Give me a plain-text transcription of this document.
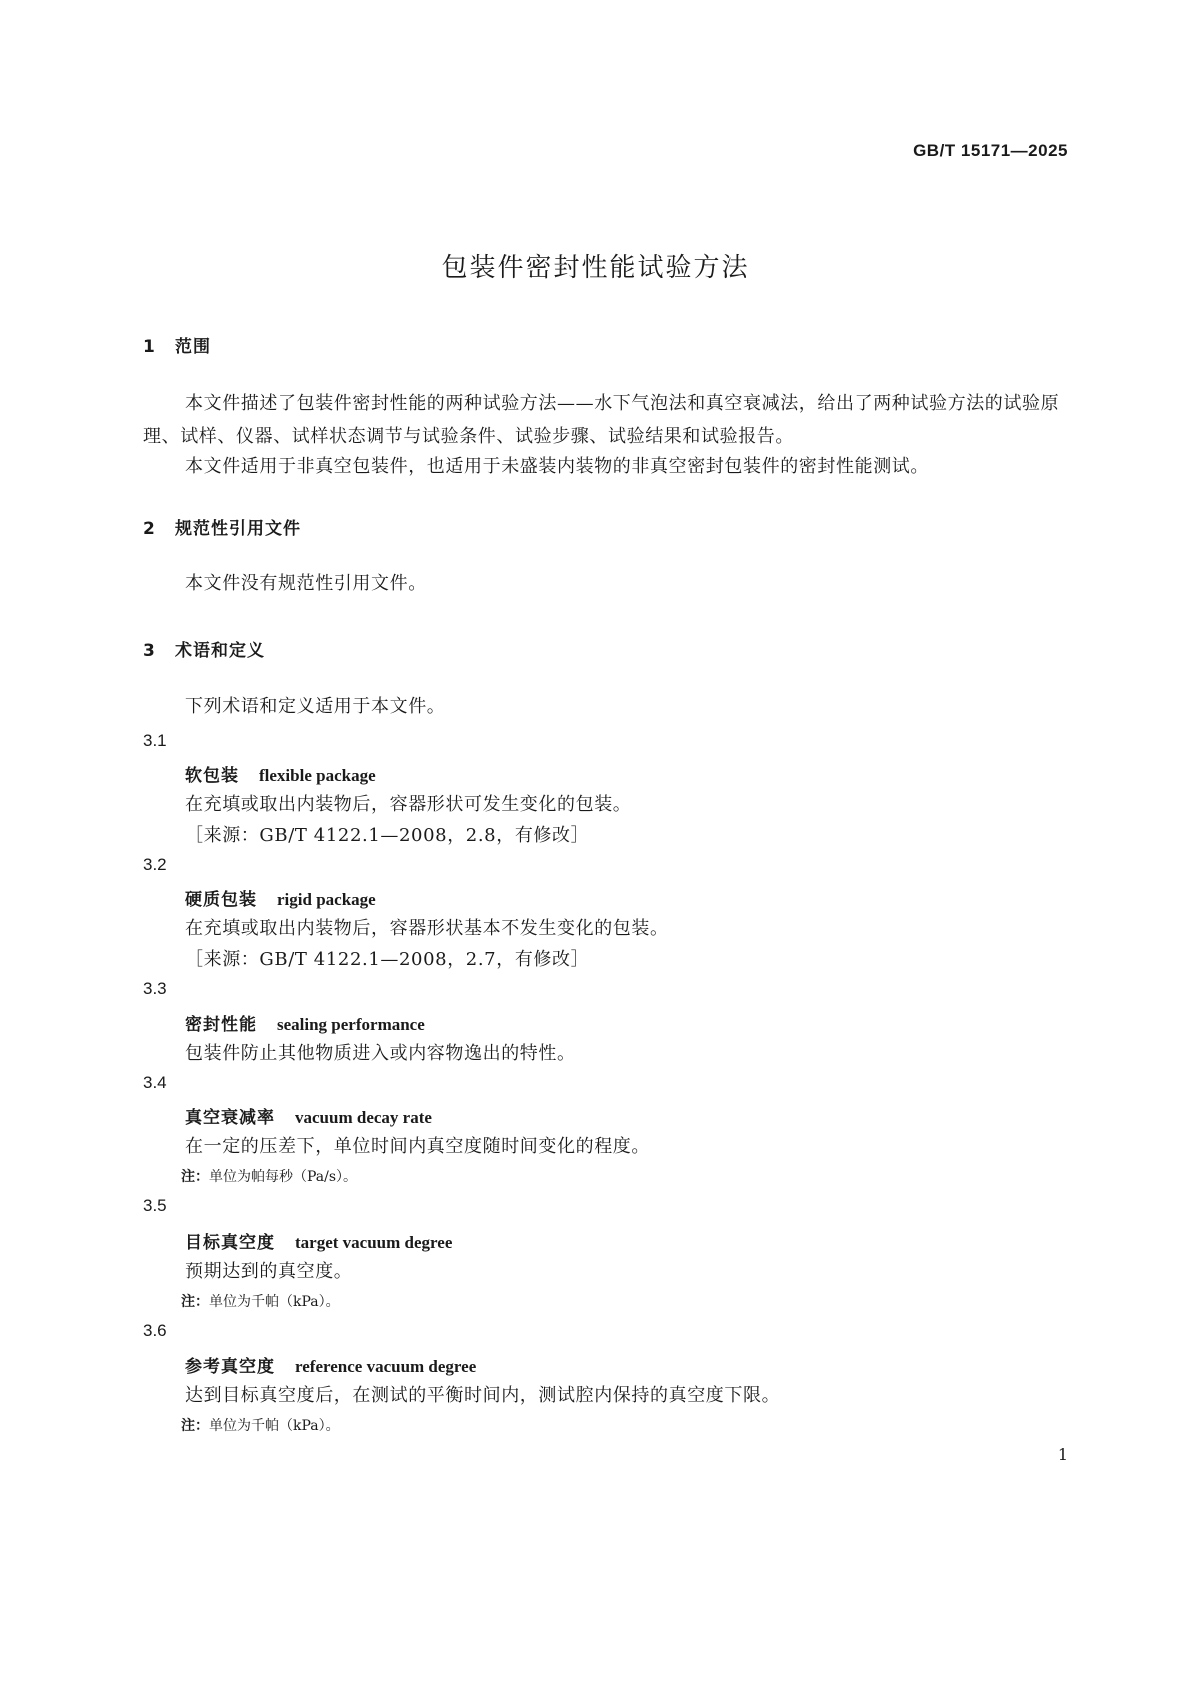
GB/T 15171—2025
包装件密封性能试验方法
1 范围
本文件描述了包装件密封性能的两种试验方法——水下气泡法和真空衰减法，给出了两种试验方法的试验原理、试样、仪器、试样状态调节与试验条件、试验步骤、试验结果和试验报告。
本文件适用于非真空包装件，也适用于未盛装内装物的非真空密封包装件的密封性能测试。
2 规范性引用文件
本文件没有规范性引用文件。
3 术语和定义
下列术语和定义适用于本文件。
3.1
软包装 flexible package
在充填或取出内装物后，容器形状可发生变化的包装。
［来源：GB/T 4122.1—2008，2.8，有修改］
3.2
硬质包装 rigid package
在充填或取出内装物后，容器形状基本不发生变化的包装。
［来源：GB/T 4122.1—2008，2.7，有修改］
3.3
密封性能 sealing performance
包装件防止其他物质进入或内容物逸出的特性。
3.4
真空衰减率 vacuum decay rate
在一定的压差下，单位时间内真空度随时间变化的程度。
注：单位为帕每秒（Pa/s）。
3.5
目标真空度 target vacuum degree
预期达到的真空度。
注：单位为千帕（kPa）。
3.6
参考真空度 reference vacuum degree
达到目标真空度后，在测试的平衡时间内，测试腔内保持的真空度下限。
注：单位为千帕（kPa）。
1
